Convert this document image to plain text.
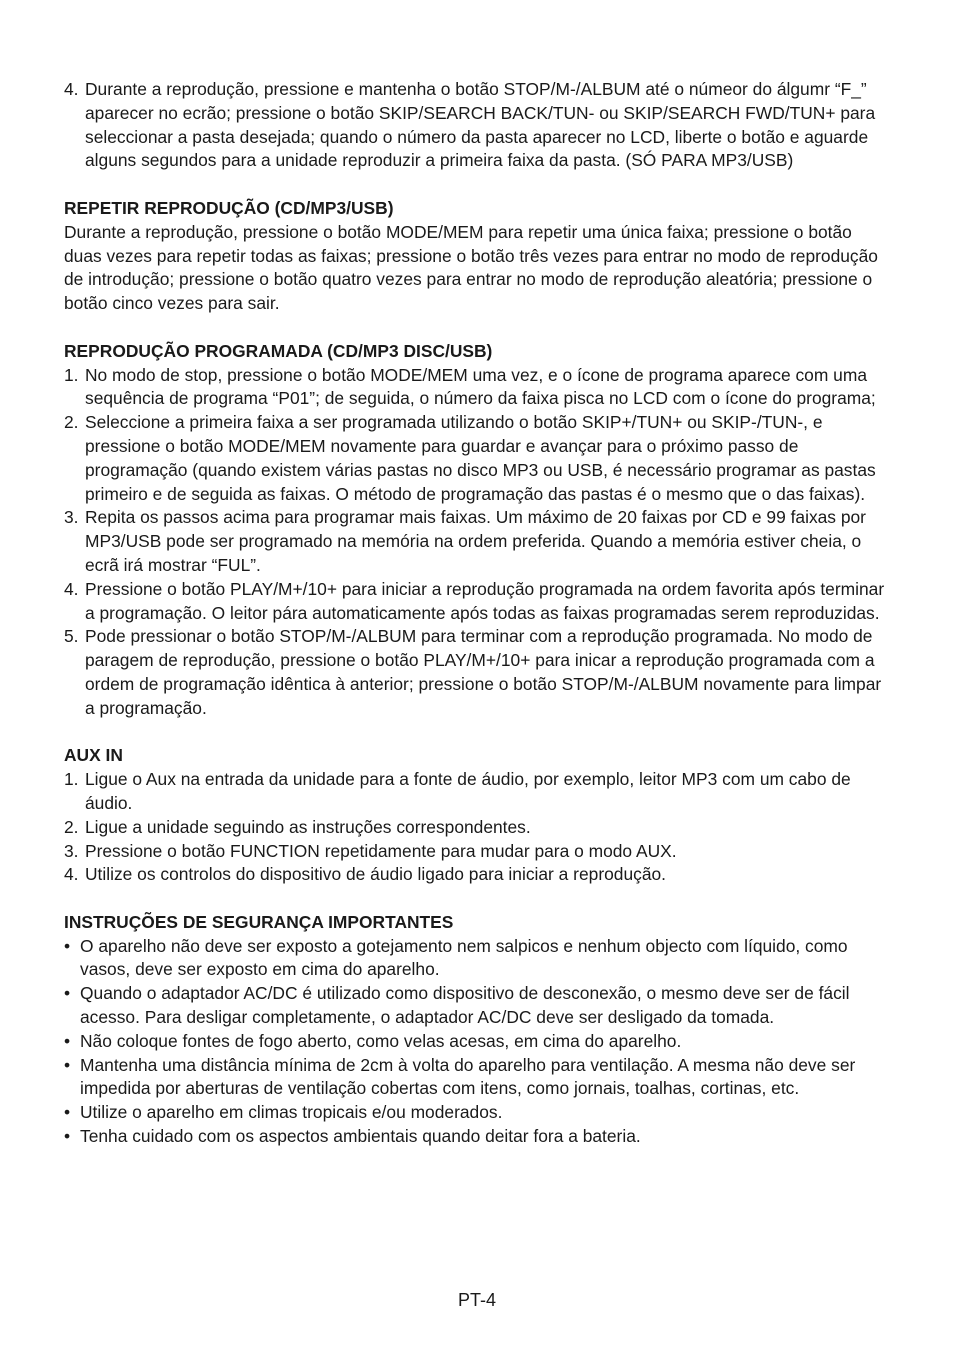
4. Durante a reprodução, pressione e mantenha o botão STOP/M-/ALBUM até o númeor do álgumr “F_” aparecer no ecrão; pressione o botão SKIP/SEARCH BACK/TUN- ou SKIP/SEARCH FWD/TUN+ para seleccionar a pasta desejada; quando o número da pasta aparecer no LCD, liberte o botão e aguarde alguns segundos para a unidade reproduzir a primeira faixa da pasta. (SÓ PARA MP3/USB)
REPETIR REPRODUÇÃO (CD/MP3/USB)
Durante a reprodução, pressione o botão MODE/MEM para repetir uma única faixa; pressione o botão duas vezes para repetir todas as faixas; pressione o botão três vezes para entrar no modo de reprodução de introdução; pressione o botão quatro vezes para entrar no modo de reprodução aleatória; pressione o botão cinco vezes para sair.
REPRODUÇÃO PROGRAMADA (CD/MP3 DISC/USB)
1. No modo de stop, pressione o botão MODE/MEM uma vez, e o ícone de programa aparece com uma sequência de programa “P01”; de seguida, o número da faixa pisca no LCD com o ícone do programa;
2. Seleccione a primeira faixa a ser programada utilizando o botão SKIP+/TUN+ ou SKIP-/TUN-, e pressione o botão MODE/MEM novamente para guardar e avançar para o próximo passo de programação (quando existem várias pastas no disco MP3 ou USB, é necessário programar as pastas primeiro e de seguida as faixas. O método de programação das pastas é o mesmo que o das faixas).
3. Repita os passos acima para programar mais faixas. Um máximo de 20 faixas por CD e 99 faixas por MP3/USB pode ser programado na memória na ordem preferida. Quando a memória estiver cheia, o ecrã irá mostrar “FUL”.
4. Pressione o botão PLAY/M+/10+ para iniciar a reprodução programada na ordem favorita após terminar a programação. O leitor pára automaticamente após todas as faixas programadas serem reproduzidas.
5. Pode pressionar o botão STOP/M-/ALBUM para terminar com a reprodução programada. No modo de paragem de reprodução, pressione o botão PLAY/M+/10+ para inicar a reprodução programada com a ordem de programação idêntica à anterior; pressione o botão STOP/M-/ALBUM novamente para limpar a programação.
AUX IN
1. Ligue o Aux na entrada da unidade para a fonte de áudio, por exemplo, leitor MP3 com um cabo de áudio.
2. Ligue a unidade seguindo as instruções correspondentes.
3. Pressione o botão FUNCTION repetidamente para mudar para o modo AUX.
4. Utilize os controlos do dispositivo de áudio ligado para iniciar a reprodução.
INSTRUÇÕES DE SEGURANÇA IMPORTANTES
• O aparelho não deve ser exposto a gotejamento nem salpicos e nenhum objecto com líquido, como vasos, deve ser exposto em cima do aparelho.
• Quando o adaptador AC/DC é utilizado como dispositivo de desconexão, o mesmo deve ser de fácil acesso. Para desligar completamente, o adaptador AC/DC deve ser desligado da tomada.
• Não coloque fontes de fogo aberto, como velas acesas, em cima do aparelho.
• Mantenha uma distância mínima de 2cm à volta do aparelho para ventilação. A mesma não deve ser impedida por aberturas de ventilação cobertas com itens, como jornais, toalhas, cortinas, etc.
• Utilize o aparelho em climas tropicais e/ou moderados.
• Tenha cuidado com os aspectos ambientais quando deitar fora a bateria.
PT-4
